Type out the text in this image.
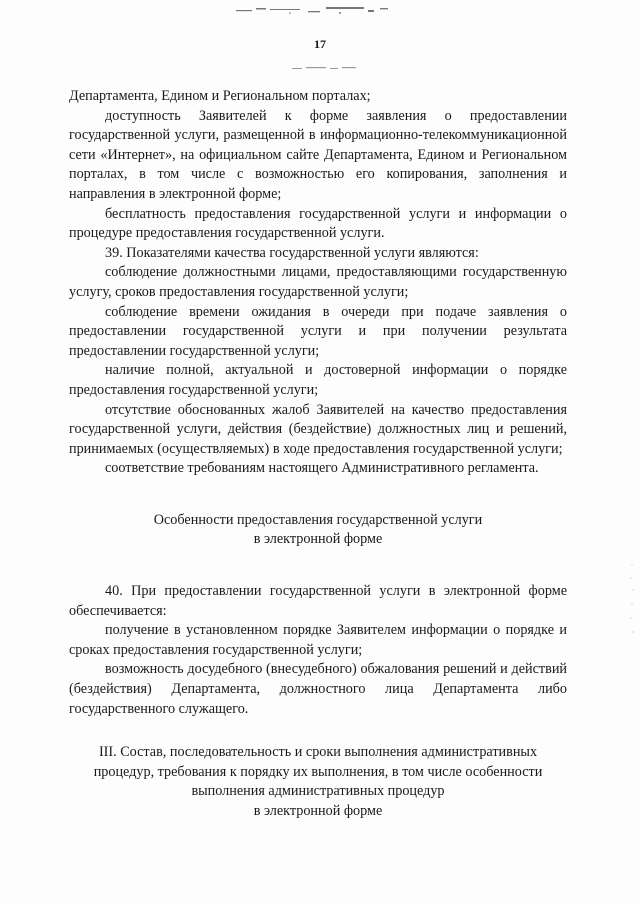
17

Департамента, Едином и Региональном порталах;

доступность Заявителей к форме заявления о предоставлении государственной услуги, размещенной в информационно-телекоммуникационной сети «Интернет», на официальном сайте Департамента, Едином и Региональном порталах, в том числе с возможностью его копирования, заполнения и направления в электронной форме;

бесплатность предоставления государственной услуги и информации о процедуре предоставления государственной услуги.

39. Показателями качества государственной услуги являются:

соблюдение должностными лицами, предоставляющими государственную услугу, сроков предоставления государственной услуги;

соблюдение времени ожидания в очереди при подаче заявления о предоставлении государственной услуги и при получении результата предоставлении государственной услуги;

наличие полной, актуальной и достоверной информации о порядке предоставления государственной услуги;

отсутствие обоснованных жалоб Заявителей на качество предоставления государственной услуги, действия (бездействие) должностных лиц и решений, принимаемых (осуществляемых) в ходе предоставления государственной услуги;

соответствие требованиям настоящего Административного регламента.

Особенности предоставления государственной услуги
в электронной форме

40. При предоставлении государственной услуги в электронной форме обеспечивается:

получение в установленном порядке Заявителем информации о порядке и сроках предоставления государственной услуги;

возможность досудебного (внесудебного) обжалования решений и действий (бездействия) Департамента, должностного лица Департамента либо государственного служащего.

III. Состав, последовательность и сроки выполнения административных
процедур, требования к порядку их выполнения, в том числе особенности
выполнения административных процедур
в электронной форме
